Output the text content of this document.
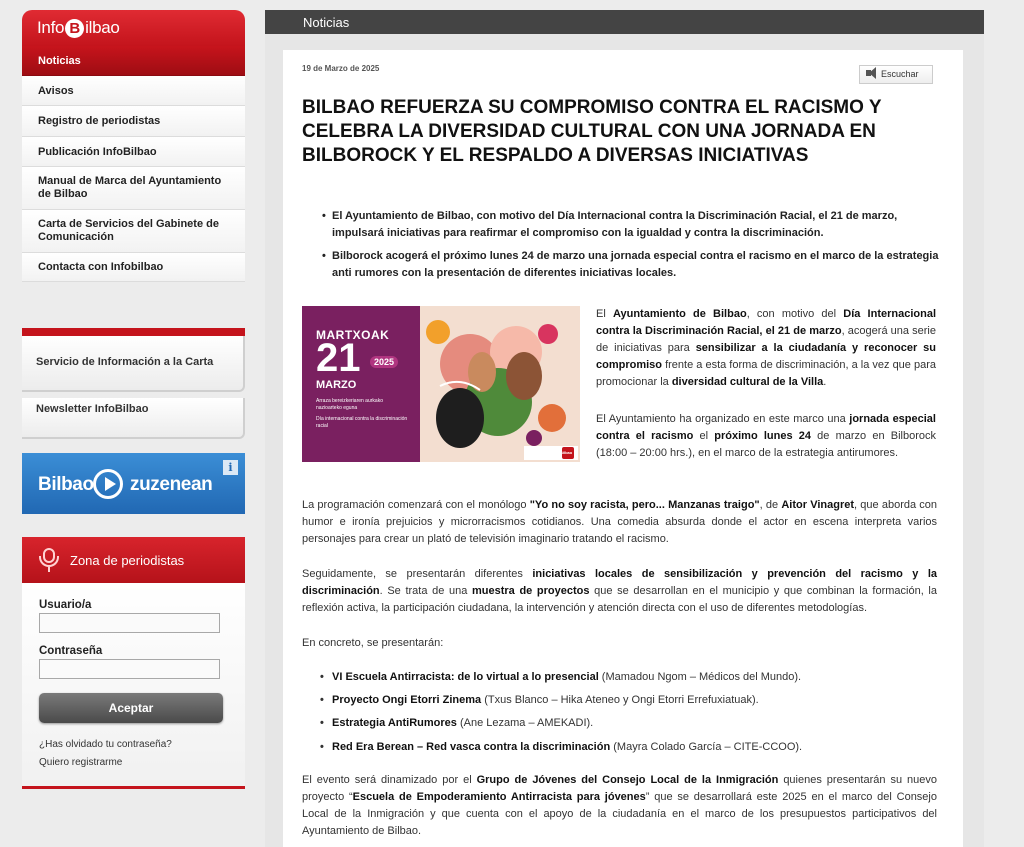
Info B ilbao
Noticias
Avisos
Registro de periodistas
Publicación InfoBilbao
Manual de Marca del Ayuntamiento de Bilbao
Carta de Servicios del Gabinete de Comunicación
Contacta con Infobilbao
Servicio de Información a la Carta
Newsletter InfoBilbao
Bilbao zuzenean
i
Zona de periodistas
Usuario/a
Contraseña
Aceptar
¿Has olvidado tu contraseña?
Quiero registrarme
Noticias
19 de Marzo de 2025
Escuchar
BILBAO REFUERZA SU COMPROMISO CONTRA EL RACISMO Y CELEBRA LA DIVERSIDAD CULTURAL CON UNA JORNADA EN BILBOROCK Y EL RESPALDO A DIVERSAS INICIATIVAS
• El Ayuntamiento de Bilbao, con motivo del Día Internacional contra la Discriminación Racial, el 21 de marzo, impulsará iniciativas para reafirmar el compromiso con la igualdad y contra la discriminación.
• Bilborock acogerá el próximo lunes 24 de marzo una jornada especial contra el racismo en el marco de la estrategia anti rumores con la presentación de diferentes iniciativas locales.
MARTXOAK
21
MARZO
2025
Arraza bereizkeriaren aurkako nazioarteko eguna
Día internacional contra la discriminación racial
Bilbao

El Ayuntamiento de Bilbao, con motivo del Día Internacional contra la Discriminación Racial, el 21 de marzo, acogerá una serie de iniciativas para sensibilizar a la ciudadanía y reconocer su compromiso frente a esta forma de discriminación, a la vez que para promocionar la diversidad cultural de la Villa.

El Ayuntamiento ha organizado en este marco una jornada especial contra el racismo el próximo lunes 24 de marzo en Bilborock (18:00 – 20:00 hrs.), en el marco de la estrategia antirumores.

La programación comenzará con el monólogo "Yo no soy racista, pero... Manzanas traigo", de Aitor Vinagret, que aborda con humor e ironía prejuicios y microrracismos cotidianos. Una comedia absurda donde el actor en escena interpreta varios personajes para crear un plató de televisión imaginario tratando el racismo.

Seguidamente, se presentarán diferentes iniciativas locales de sensibilización y prevención del racismo y la discriminación. Se trata de una muestra de proyectos que se desarrollan en el municipio y que combinan la formación, la reflexión activa, la participación ciudadana, la intervención y atención directa con el uso de diferentes metodologías.

En concreto, se presentarán:

• VI Escuela Antirracista: de lo virtual a lo presencial (Mamadou Ngom – Médicos del Mundo).
• Proyecto Ongi Etorri Zinema (Txus Blanco – Hika Ateneo y Ongi Etorri Errefuxiatuak).
• Estrategia AntiRumores (Ane Lezama – AMEKADI).
• Red Era Berean – Red vasca contra la discriminación (Mayra Colado García – CITE-CCOO).

El evento será dinamizado por el Grupo de Jóvenes del Consejo Local de la Inmigración quienes presentarán su nuevo proyecto “Escuela de Empoderamiento Antirracista para jóvenes” que se desarrollará este 2025 en el marco del Consejo Local de la Inmigración y que cuenta con el apoyo de la ciudadanía en el marco de los presupuestos participativos del Ayuntamiento de Bilbao.
